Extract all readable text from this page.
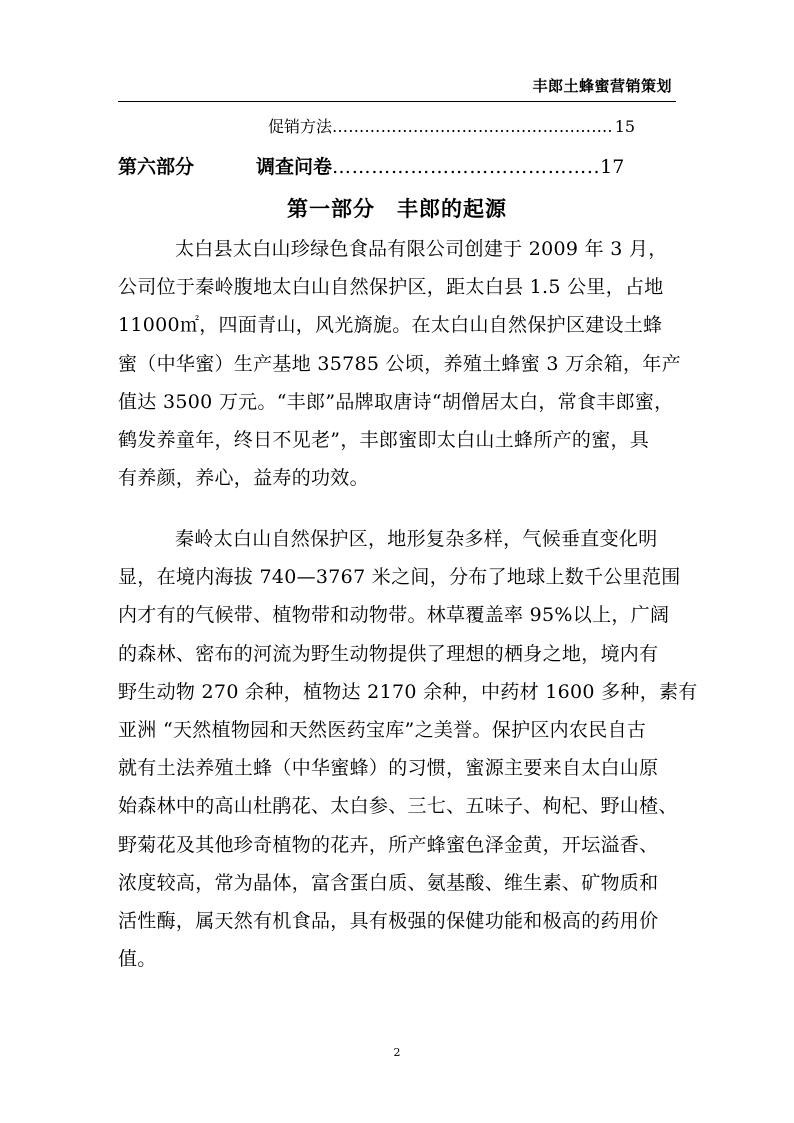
丰郎土蜂蜜营销策划
促销方法……………………………………………. 15
第六部分	调查问卷…………………………………..17
第一部分　丰郎的起源
太白县太白山珍绿色食品有限公司创建于 2009 年 3 月，
公司位于秦岭腹地太白山自然保护区，距太白县 1.5 公里，占地
11000㎡，四面青山，风光旖旎。在太白山自然保护区建设土蜂
蜜（中华蜜）生产基地 35785 公顷，养殖土蜂蜜 3 万余箱，年产
值达 3500 万元。“丰郎”品牌取唐诗“胡僧居太白，常食丰郎蜜，
鹤发养童年，终日不见老”，丰郎蜜即太白山土蜂所产的蜜，具
有养颜，养心，益寿的功效。
秦岭太白山自然保护区，地形复杂多样，气候垂直变化明
显，在境内海拔 740—3767 米之间，分布了地球上数千公里范围
内才有的气候带、植物带和动物带。林草覆盖率 95%以上，广阔
的森林、密布的河流为野生动物提供了理想的栖身之地，境内有
野生动物 270 余种，植物达 2170 余种，中药材 1600 多种，素有
亚洲 “天然植物园和天然医药宝库”之美誉。保护区内农民自古
就有土法养殖土蜂（中华蜜蜂）的习惯，蜜源主要来自太白山原
始森林中的高山杜鹃花、太白参、三七、五味子、枸杞、野山楂、
野菊花及其他珍奇植物的花卉，所产蜂蜜色泽金黄，开坛溢香、
浓度较高，常为晶体，富含蛋白质、氨基酸、维生素、矿物质和
活性酶，属天然有机食品，具有极强的保健功能和极高的药用价
值。
2
